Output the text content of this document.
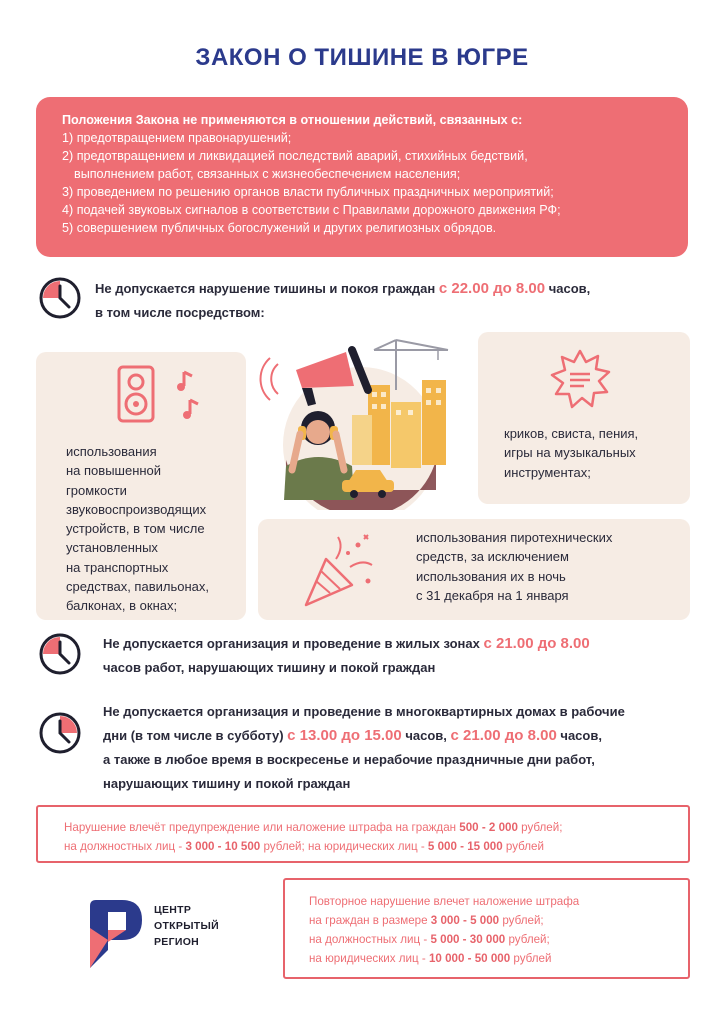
ЗАКОН О ТИШИНЕ В ЮГРЕ
Положения Закона не применяются в отношении действий, связанных с:
1) предотвращением правонарушений;
2) предотвращением и ликвидацией последствий аварий, стихийных бедствий,
выполнением работ, связанных с жизнеобеспечением населения;
3) проведением по решению органов власти публичных праздничных мероприятий;
4) подачей звуковых сигналов в соответствии с Правилами дорожного движения РФ;
5) совершением публичных богослужений и других религиозных обрядов.
Не допускается нарушение тишины и покоя граждан с 22.00 до 8.00 часов,
в том числе посредством:
использования
на повышенной
громкости
звуковоспроизводящих
устройств, в том числе
установленных
на транспортных
средствах, павильонах,
балконах, в окнах;
криков, свиста, пения,
игры на музыкальных
инструментах;
использования пиротехнических
средств, за исключением
использования их в ночь
с 31 декабря на 1 января
Не допускается организация и проведение в жилых зонах с 21.00 до 8.00
часов работ, нарушающих тишину и покой граждан
Не допускается организация и проведение в многоквартирных домах в рабочие
дни (в том числе в субботу) с 13.00 до 15.00 часов, с 21.00 до 8.00 часов,
а также в любое время в воскресенье и нерабочие праздничные дни работ,
нарушающих тишину и покой граждан
Нарушение влечёт предупреждение или наложение штрафа на граждан 500 - 2 000 рублей;
на должностных лиц - 3 000 - 10 500 рублей; на юридических лиц - 5 000 - 15 000 рублей
ЦЕНТР
ОТКРЫТЫЙ
РЕГИОН
Повторное нарушение влечет наложение штрафа
на граждан в размере 3 000 - 5 000 рублей;
на должностных лиц - 5 000 - 30 000 рублей;
на юридических лиц - 10 000 - 50 000 рублей
